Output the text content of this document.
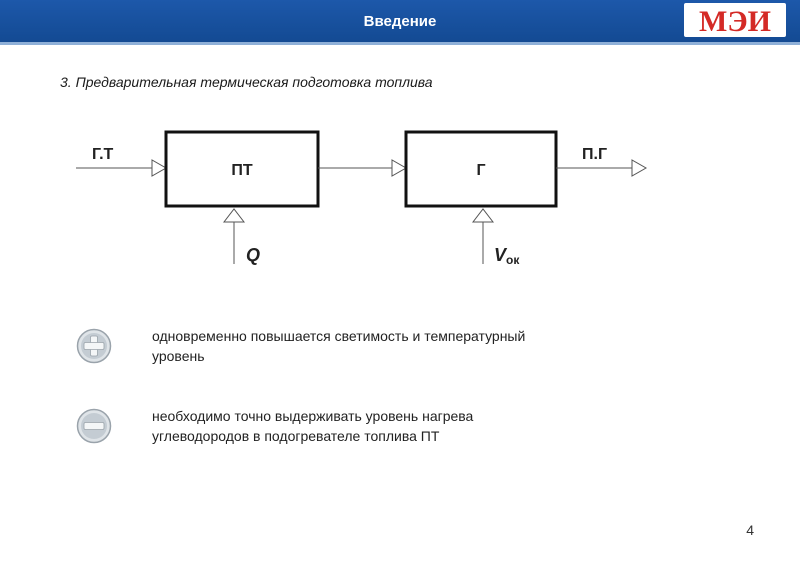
Введение	МЭИ
3. Предварительная термическая подготовка топлива
Г.Т
ПТ	Г
П.Г
Q	Vок
одновременно повышается светимость и температурный уровень
необходимо точно выдерживать уровень нагрева углеводородов в подогревателе топлива ПТ
4
